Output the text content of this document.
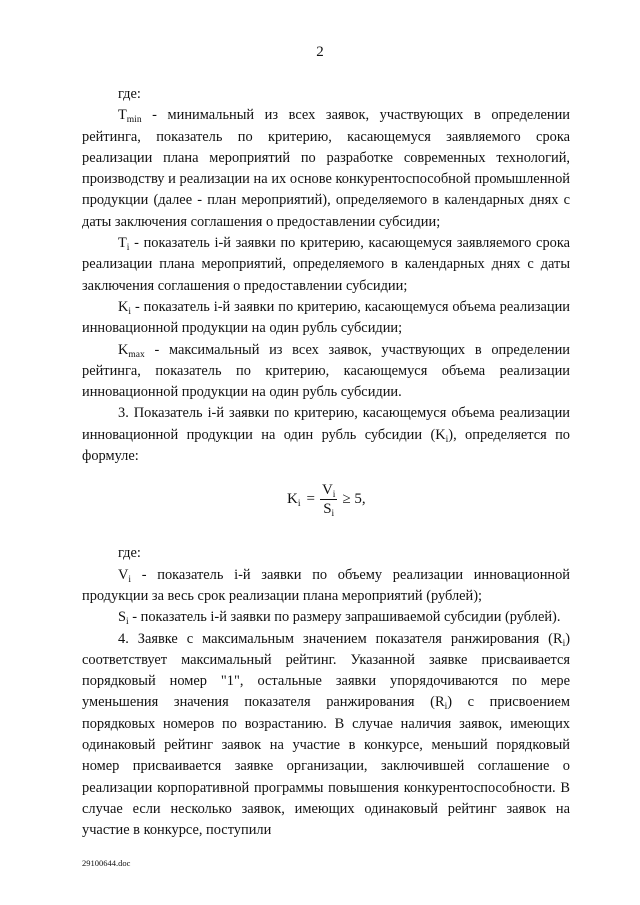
2

где:

$T_{min}$ - минимальный из всех заявок, участвующих в определении рейтинга, показатель по критерию, касающемуся заявляемого срока реализации плана мероприятий по разработке современных технологий, производству и реализации на их основе конкурентоспособной промышленной продукции (далее - план мероприятий), определяемого в календарных днях с даты заключения соглашения о предоставлении субсидии;

$T_i$ - показатель i-й заявки по критерию, касающемуся заявляемого срока реализации плана мероприятий, определяемого в календарных днях с даты заключения соглашения о предоставлении субсидии;

$K_i$ - показатель i-й заявки по критерию, касающемуся объема реализации инновационной продукции на один рубль субсидии;

$K_{max}$ - максимальный из всех заявок, участвующих в определении рейтинга, показатель по критерию, касающемуся объема реализации инновационной продукции на один рубль субсидии.

3. Показатель i-й заявки по критерию, касающемуся объема реализации инновационной продукции на один рубль субсидии $(K_i)$, определяется по формуле:

$K_i = \frac{V_i}{S_i} \ge 5$,

где:

$V_i$ - показатель i-й заявки по объему реализации инновационной продукции за весь срок реализации плана мероприятий (рублей);

$S_i$ - показатель i-й заявки по размеру запрашиваемой субсидии (рублей).

4. Заявке с максимальным значением показателя ранжирования $(R_i)$ соответствует максимальный рейтинг. Указанной заявке присваивается порядковый номер "1", остальные заявки упорядочиваются по мере уменьшения значения показателя ранжирования $(R_i)$ с присвоением порядковых номеров по возрастанию. В случае наличия заявок, имеющих одинаковый рейтинг заявок на участие в конкурсе, меньший порядковый номер присваивается заявке организации, заключившей соглашение о реализации корпоративной программы повышения конкурентоспособности. В случае если несколько заявок, имеющих одинаковый рейтинг заявок на участие в конкурсе, поступили

29100644.doc
